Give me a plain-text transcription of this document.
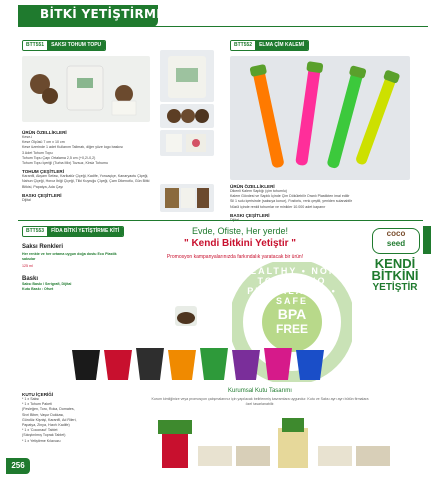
BİTKİ YETİŞTİRME ÜRÜNLERİ
BTT551	SAKSI TOHUM TOPU
ÜRÜN ÖZELLİKLERİ
Kese-i
Kese Ölçüsü 7 cm x 10 cm
Kese üzerinde 1 adet Kullanım Talimatı, diğer yüze logo baskısı
3 Adet Tohum Topu
Tohum Topu Çapı Ortalama 2,5 cm (+0,2/-0,2)
Tohum Topu İçeriği (Turba Mix) Tozsuz, Kirsiz Tohumu
TOHUM ÇEŞİTLERİ
Karanfil, Akşam Sefası, Karikatür Çiçeği, Kadife, Yoncaçiçe, Kanaryaotu Çiçeği, Nahun Çiçeği, Horoz İbiği Çiçeği, Tilki Kuyruğu Çiçeği, Çam Dikenotlu, Gün Bitki Bitkisi, Papatya, Ada Çayı
BASKI ÇEŞİTLERİ
Dijital
BTT552	ELMA ÇİM KALEMİ
ÜRÜN ÖZELLİKLERİ
Dikenli Kalem Saplığı (çim tohumlu)
Kalem Gövdesi ve Saplık İçinde Çim Dökülebilir Oranlı Plastikten imal edilir
Sil 1 sulu içerisinde (saksıya konur), Fosforlu, renk çeşitli, yeniden sulanabilir
Nüzül içinde renkli tohumlar ve minikler 10.000 adet kapanır
BASKI ÇEŞİTLERİ
BTT553	FİDA BİTKİ YETİŞTİRME KİTİ
Saksı Renkleri
Her renkte ve her ortama uygun doğa dostu Eco Plastik saksılar
125 ml
Baskı
Saksı Baskı / Serigrafi, Dijital
Kutu Baskı : Ofset
Evde, Ofiste, Her yerde!
" Kendi Bitkini Yetiştir "
Promosyon kampanyalarınızda farkındalık yaratacak bir ürün!
coco
seed
KENDİ
BİTKİNİ
YETİŞTİR
HEALTHY • NON-TOXIC • NO PHTHALATES • SAFE
BPA
FREE
KUTU İÇERİĞİ
* 1 x Saksı
* 1 x Tohum Paketi
(Fesleğen, Toro, Roka, Domates,
Sivri Biber, Vaşur Dukkası,
Gündüz Kişnişi, Karanfil, Ad Rileri,
Papatya, Zinya, Hızırlı Kadife)
* 1 x 'Coconaut' Tablet
(Sıkıştırılmış Toprak Tablet)
* 1 x Yetiştirme Kılavuzu
Kurumsal Kutu Tasarımı
Kurum kimliğinize veya promosyon çalışmalarınız için yapılacak belirlenmiş kavramlara uygundur. Kutu ve Saksı ayrı ayrı bütün firmalara özel tasarlanabilir.
256
